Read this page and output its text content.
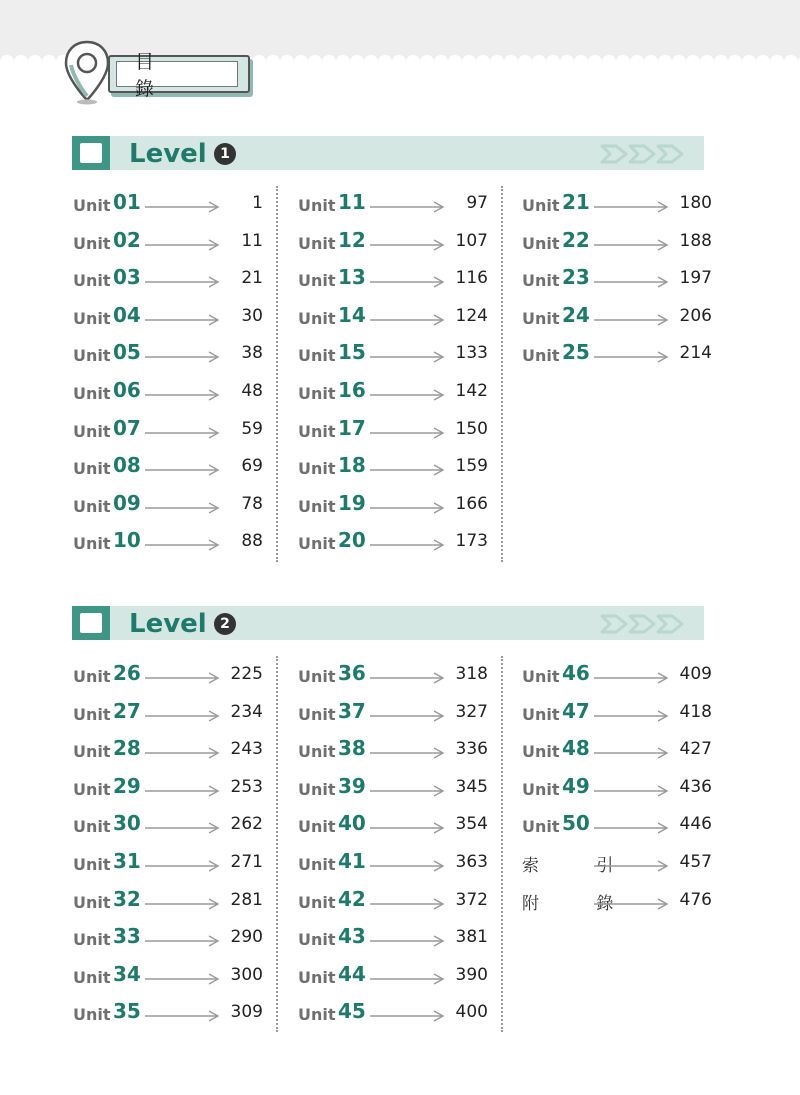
目 錄
Level 1
Unit 01	1
Unit 02	11
Unit 03	21
Unit 04	30
Unit 05	38
Unit 06	48
Unit 07	59
Unit 08	69
Unit 09	78
Unit 10	88
Unit 11	97
Unit 12	107
Unit 13	116
Unit 14	124
Unit 15	133
Unit 16	142
Unit 17	150
Unit 18	159
Unit 19	166
Unit 20	173
Unit 21	180
Unit 22	188
Unit 23	197
Unit 24	206
Unit 25	214
Level 2
Unit 26	225
Unit 27	234
Unit 28	243
Unit 29	253
Unit 30	262
Unit 31	271
Unit 32	281
Unit 33	290
Unit 34	300
Unit 35	309
Unit 36	318
Unit 37	327
Unit 38	336
Unit 39	345
Unit 40	354
Unit 41	363
Unit 42	372
Unit 43	381
Unit 44	390
Unit 45	400
Unit 46	409
Unit 47	418
Unit 48	427
Unit 49	436
Unit 50	446
索 引 457
附 錄 476
